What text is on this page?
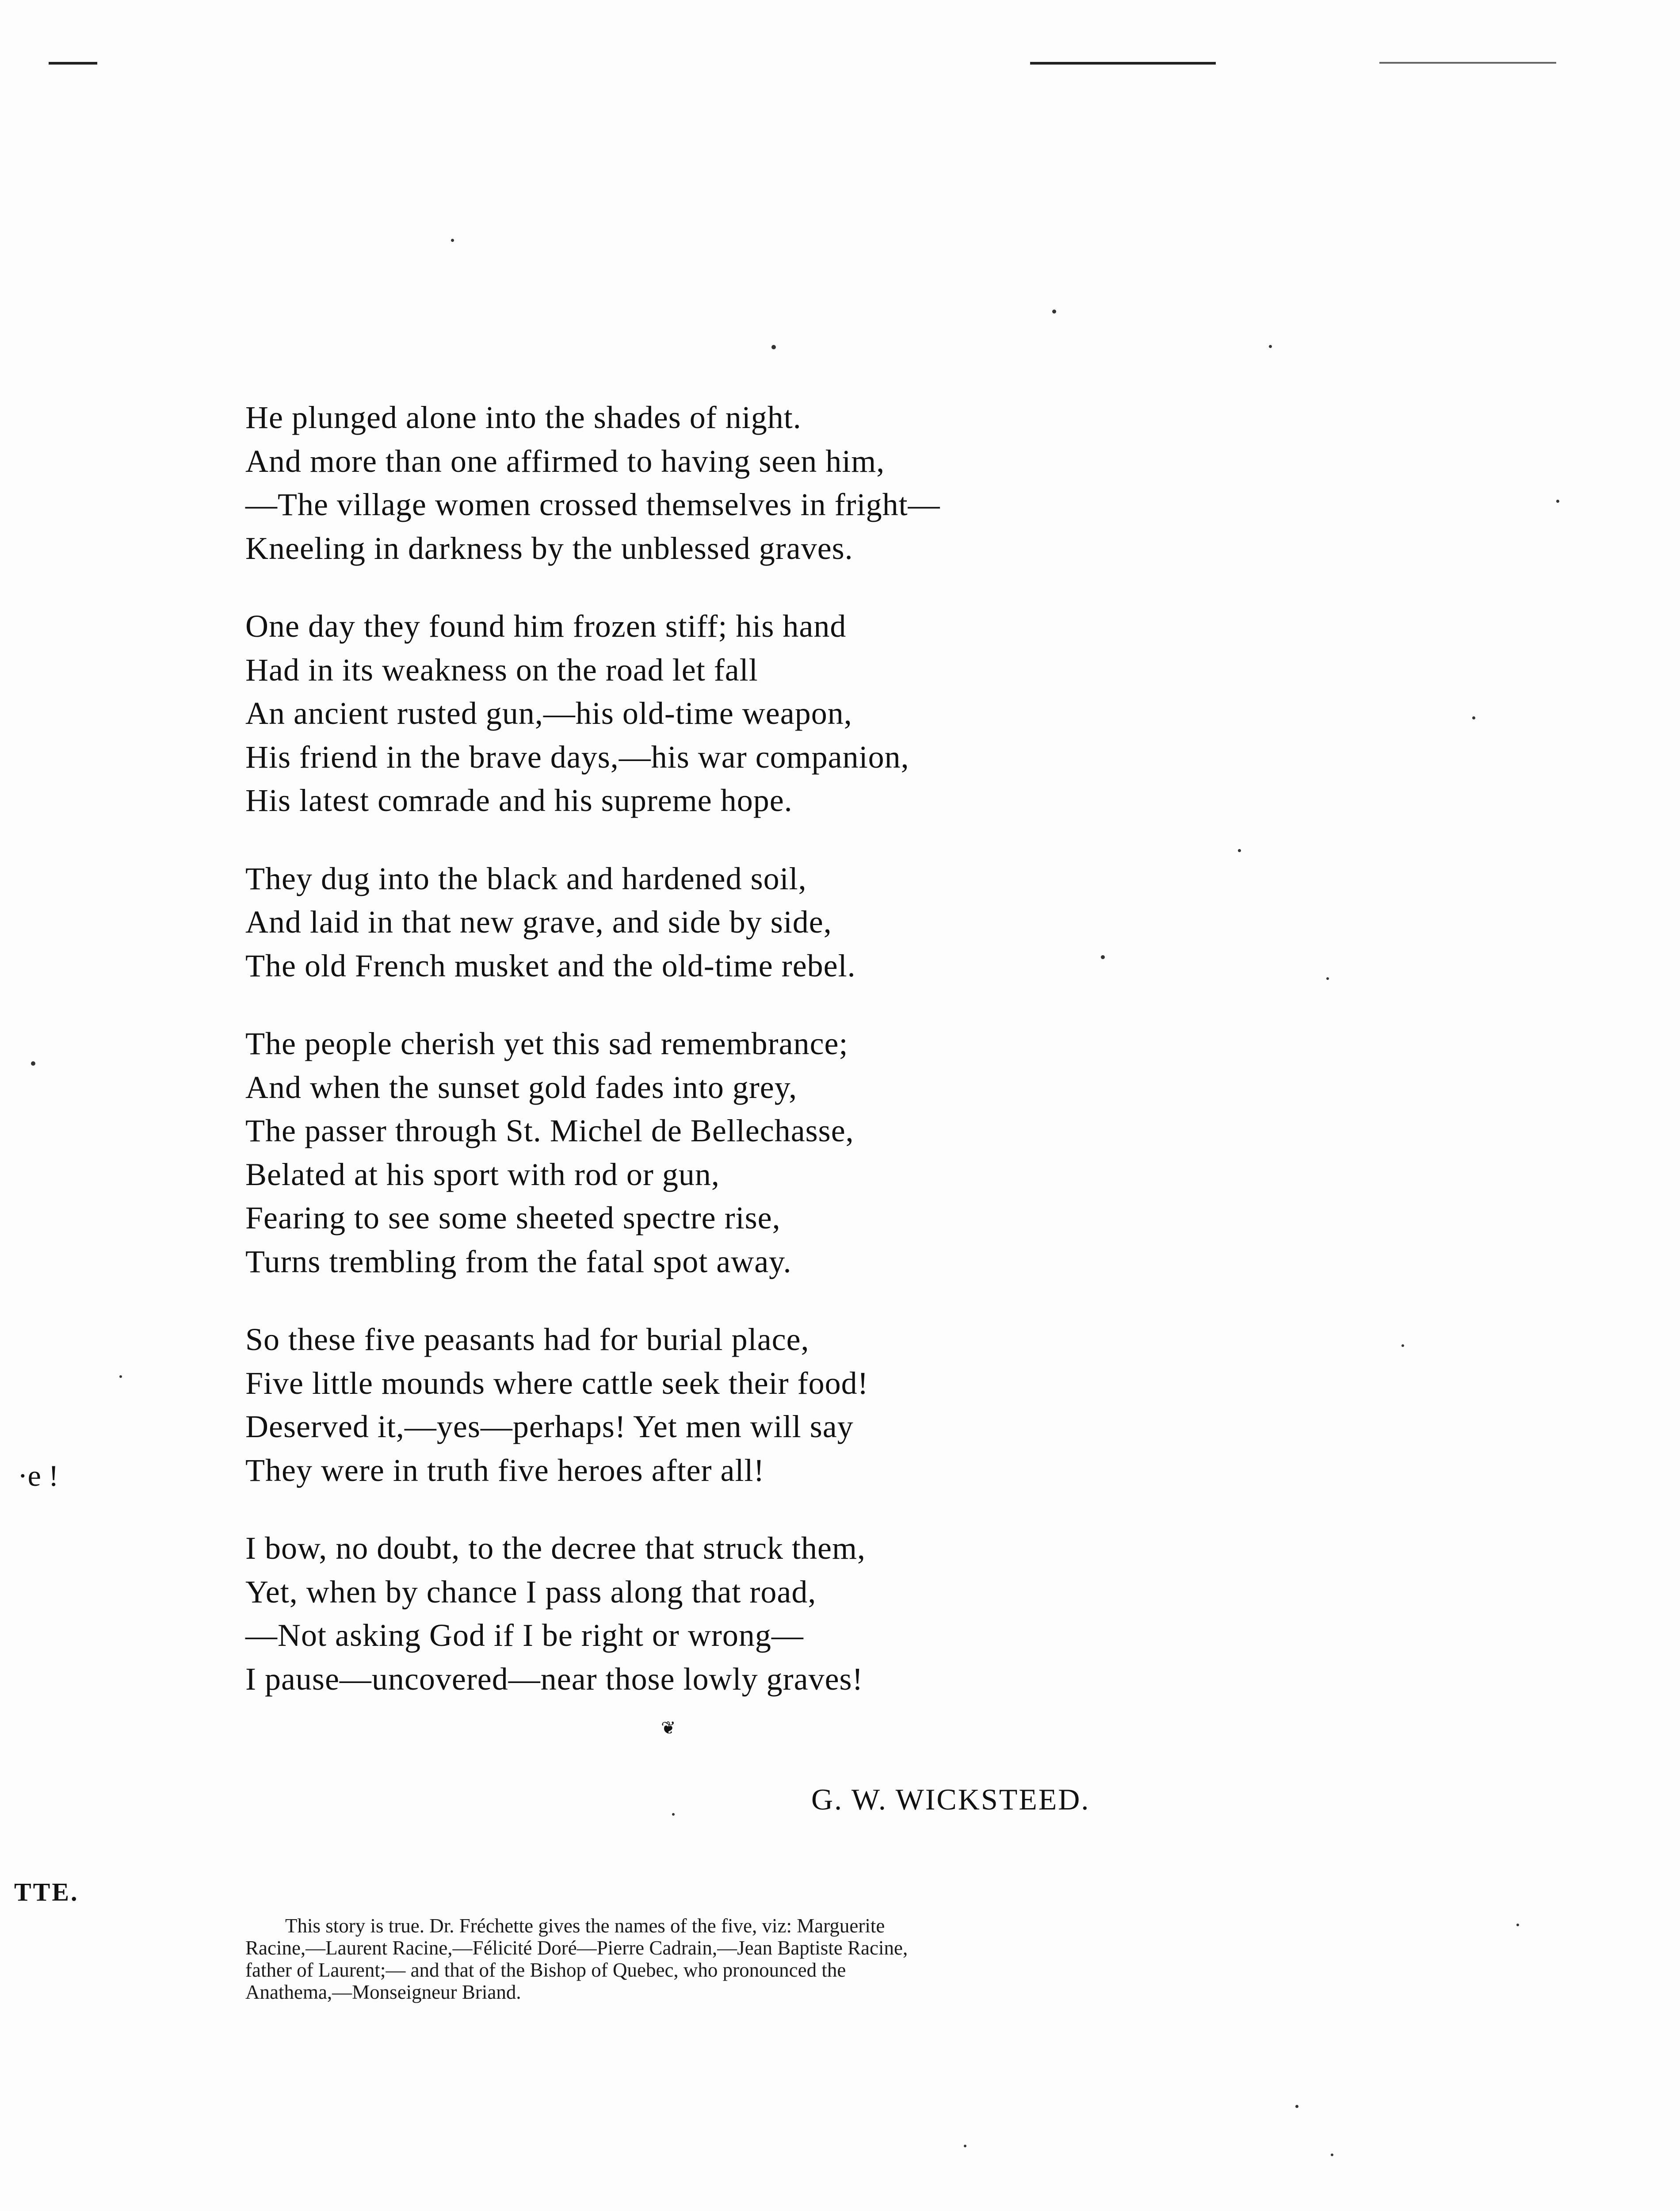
He plunged alone into the shades of night.
And more than one affirmed to having seen him,
—The village women crossed themselves in fright—
Kneeling in darkness by the unblessed graves.
One day they found him frozen stiff; his hand
Had in its weakness on the road let fall
An ancient rusted gun,—his old-time weapon,
His friend in the brave days,—his war companion,
His latest comrade and his supreme hope.
They dug into the black and hardened soil,
And laid in that new grave, and side by side,
The old French musket and the old-time rebel.
The people cherish yet this sad remembrance;
And when the sunset gold fades into grey,
The passer through St. Michel de Bellechasse,
Belated at his sport with rod or gun,
Fearing to see some sheeted spectre rise,
Turns trembling from the fatal spot away.
So these five peasants had for burial place,
Five little mounds where cattle seek their food!
Deserved it,—yes—perhaps! Yet men will say
They were in truth five heroes after all!
I bow, no doubt, to the decree that struck them,
Yet, when by chance I pass along that road,
—Not asking God if I be right or wrong—
I pause—uncovered—near those lowly graves!
❦
G. W. WICKSTEED.
·e !
TTE.
This story is true. Dr. Fréchette gives the names of the five, viz: Marguerite
Racine,—Laurent Racine,—Félicité Doré—Pierre Cadrain,—Jean Baptiste Racine,
father of Laurent;— and that of the Bishop of Quebec, who pronounced the
Anathema,—Monseigneur Briand.
